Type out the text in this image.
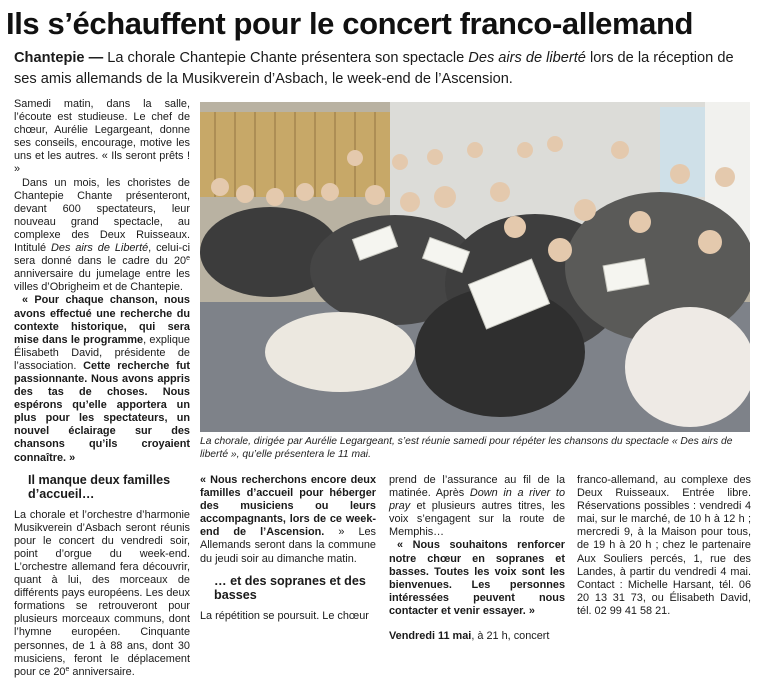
Ils s’échauffent pour le concert franco-allemand
Chantepie — La chorale Chantepie Chante présentera son spectacle Des airs de liberté lors de la réception de ses amis allemands de la Musikverein d’Asbach, le week-end de l’Ascension.

Samedi matin, dans la salle, l’écoute est studieuse. Le chef de chœur, Aurélie Legargeant, donne ses conseils, encourage, motive les uns et les autres. « Ils seront prêts ! »

Dans un mois, les choristes de Chantepie Chante présenteront, devant 600 spectateurs, leur nouveau grand spectacle, au complexe des Deux Ruisseaux. Intitulé Des airs de Liberté, celui-ci sera donné dans le cadre du 20e anniversaire du jumelage entre les villes d’Obrigheim et de Chantepie.

« Pour chaque chanson, nous avons effectué une recherche du contexte historique, qui sera mise dans le programme, explique Élisabeth David, présidente de l’association. Cette recherche fut passionnante. Nous avons appris des tas de choses. Nous espérons qu’elle apportera un plus pour les spectateurs, un nouvel éclairage sur des chansons qu’ils croyaient connaître. »

Il manque deux familles d’accueil…

La chorale et l’orchestre d’harmonie Musikverein d’Asbach seront réunis pour le concert du vendredi soir, point d’orgue du week-end. L’orchestre allemand fera découvrir, quant à lui, des morceaux de différents pays européens. Les deux formations se retrouveront pour plusieurs morceaux communs, dont l’hymne européen. Cinquante personnes, de 1 à 88 ans, dont 30 musiciens, feront le déplacement pour ce 20e anniversaire.

La chorale, dirigée par Aurélie Legargeant, s’est réunie samedi pour répéter les chansons du spectacle « Des airs de liberté », qu’elle présentera le 11 mai.

« Nous recherchons encore deux familles d’accueil pour héberger des musiciens ou leurs accompagnants, lors de ce week-end de l’Ascension. » Les Allemands seront dans la commune du jeudi soir au dimanche matin.

… et des sopranes et des basses

La répétition se poursuit. Le chœur

prend de l’assurance au fil de la matinée. Après Down in a river to pray et plusieurs autres titres, les voix s’engagent sur la route de Memphis…

« Nous souhaitons renforcer notre chœur en sopranes et basses. Toutes les voix sont les bienvenues. Les personnes intéressées peuvent nous contacter et venir essayer. »

Vendredi 11 mai, à 21 h, concert

franco-allemand, au complexe des Deux Ruisseaux. Entrée libre. Réservations possibles : vendredi 4 mai, sur le marché, de 10 h à 12 h ; mercredi 9, à la Maison pour tous, de 19 h à 20 h ; chez le partenaire Aux Souliers percés, 1, rue des Landes, à partir du vendredi 4 mai. Contact : Michelle Harsant, tél. 06 20 13 31 73, ou Élisabeth David, tél. 02 99 41 58 21.
